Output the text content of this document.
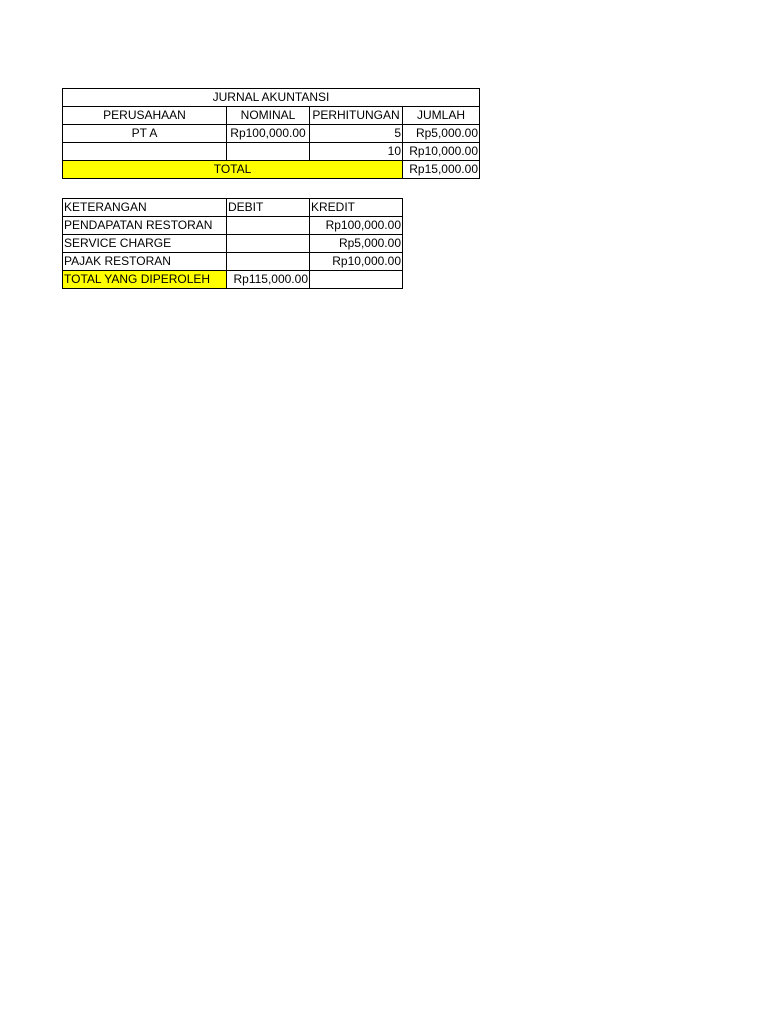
JURNAL AKUNTANSI			
PERUSAHAAN	NOMINAL	PERHITUNGAN	JUMLAH
PT A	Rp100,000.00	5	Rp5,000.00
		10	Rp10,000.00
TOTAL			Rp15,000.00
KETERANGAN	DEBIT	KREDIT
PENDAPATAN RESTORAN		Rp100,000.00
SERVICE CHARGE		Rp5,000.00
PAJAK RESTORAN		Rp10,000.00
TOTAL YANG DIPEROLEH	Rp115,000.00	
